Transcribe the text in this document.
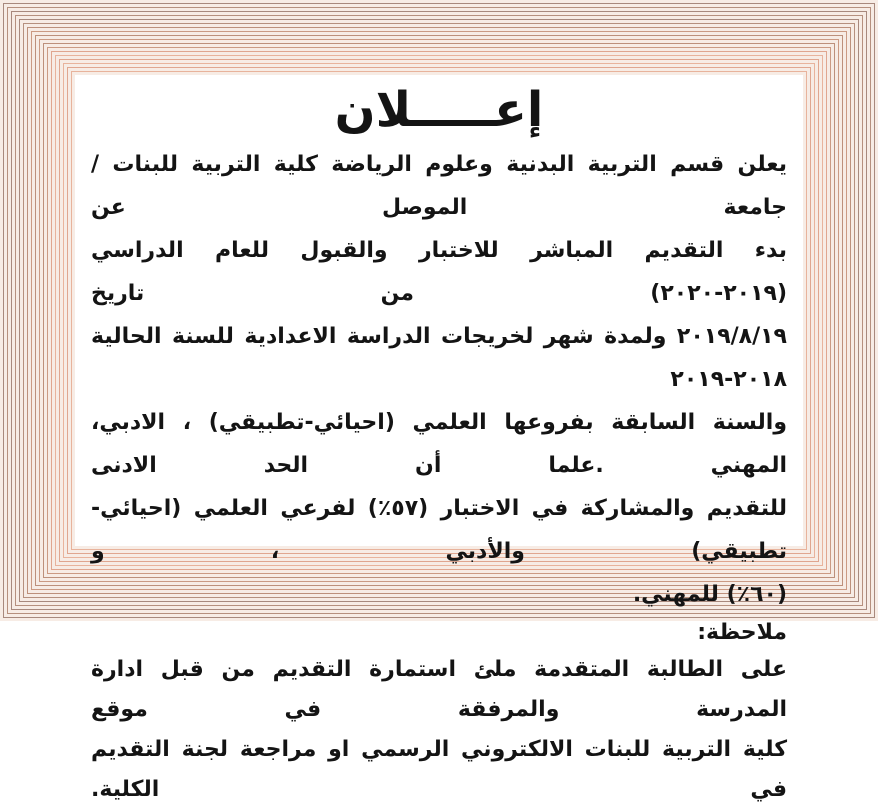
إعـــــلان
يعلن قسم التربية البدنية وعلوم الرياضة كلية التربية للبنات / جامعة الموصل عن
بدء التقديم المباشر للاختبار والقبول للعام الدراسي (٢٠١٩-٢٠٢٠) من تاريخ
٢٠١٩/٨/١٩ ولمدة شهر لخريجات الدراسة الاعدادية للسنة الحالية ٢٠١٨-٢٠١٩
والسنة السابقة بفروعها العلمي (احيائي-تطبيقي) ، الادبي، المهني .علما أن الحد الادنى
للتقديم والمشاركة في الاختبار (٥٧٪) لفرعي العلمي (احيائي-تطبيقي) والأدبي ، و
(٦٠٪) للمهني.
ملاحظة:
على الطالبة المتقدمة ملئ استمارة التقديم من قبل ادارة المدرسة والمرفقة في موقع
كلية التربية للبنات الالكتروني الرسمي او مراجعة لجنة التقديم في الكلية.
